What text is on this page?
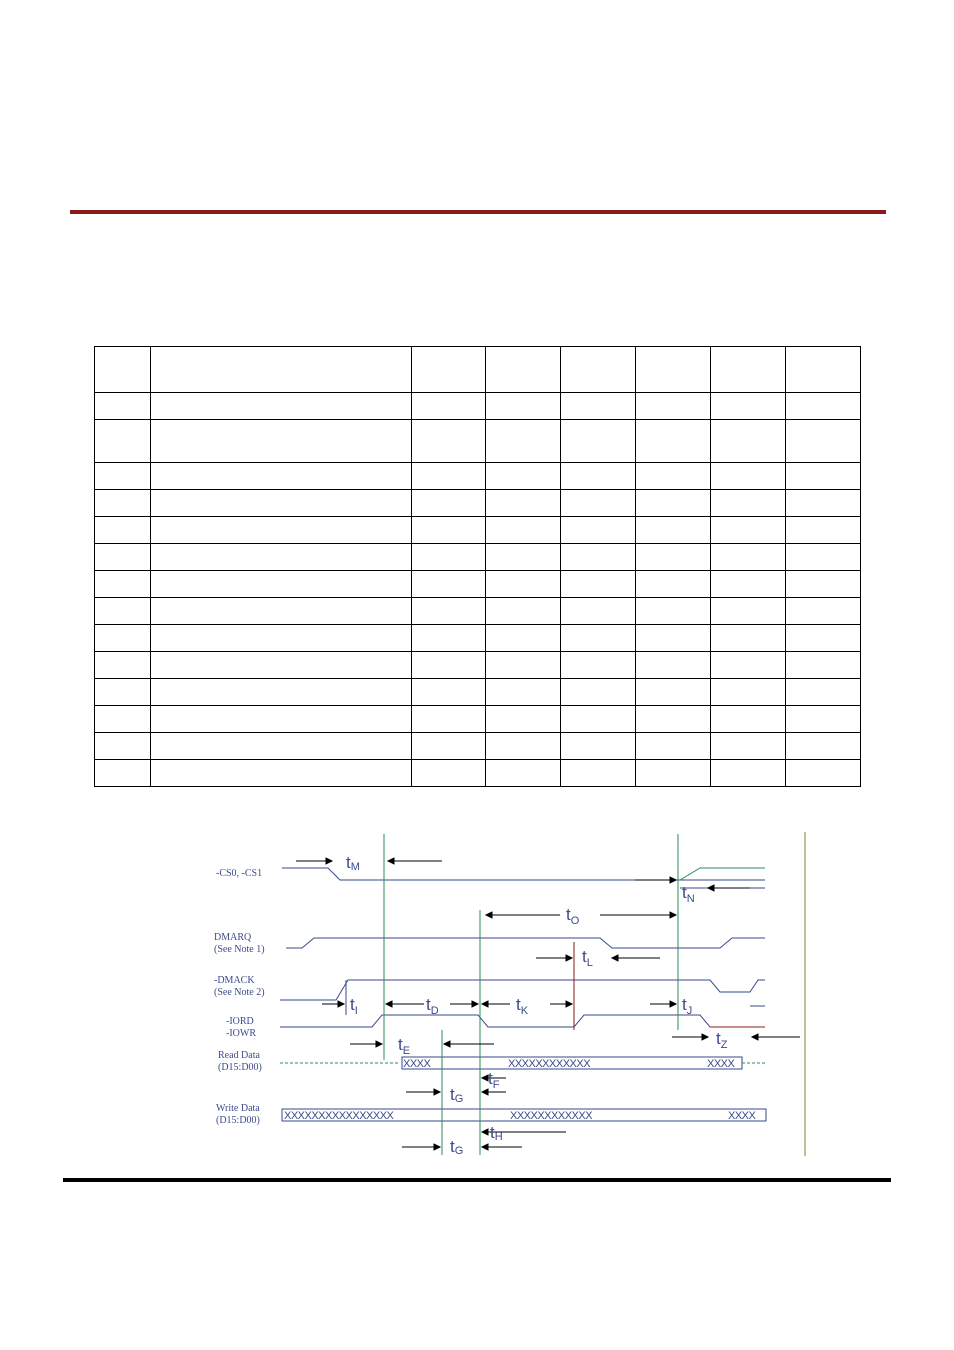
-CS0, -CS1
DMARQ
(See Note 1)
-DMACK
(See Note 2)
-IORD
-IOWR
Read Data
(D15:D00)
Write Data
(D15:D00)
XXXX	XXXXXXXXXXXX	XXXX
XXXXXXXXXXXXXXXX	XXXXXXXXXXXX	XXXX
tM
$t_N$
$t_O$
$t_L$
$t_I$	$t_D$	$t_K$	$t_J$
$t_E$
$t_Z$
$t_F$
tG
tH
tG
